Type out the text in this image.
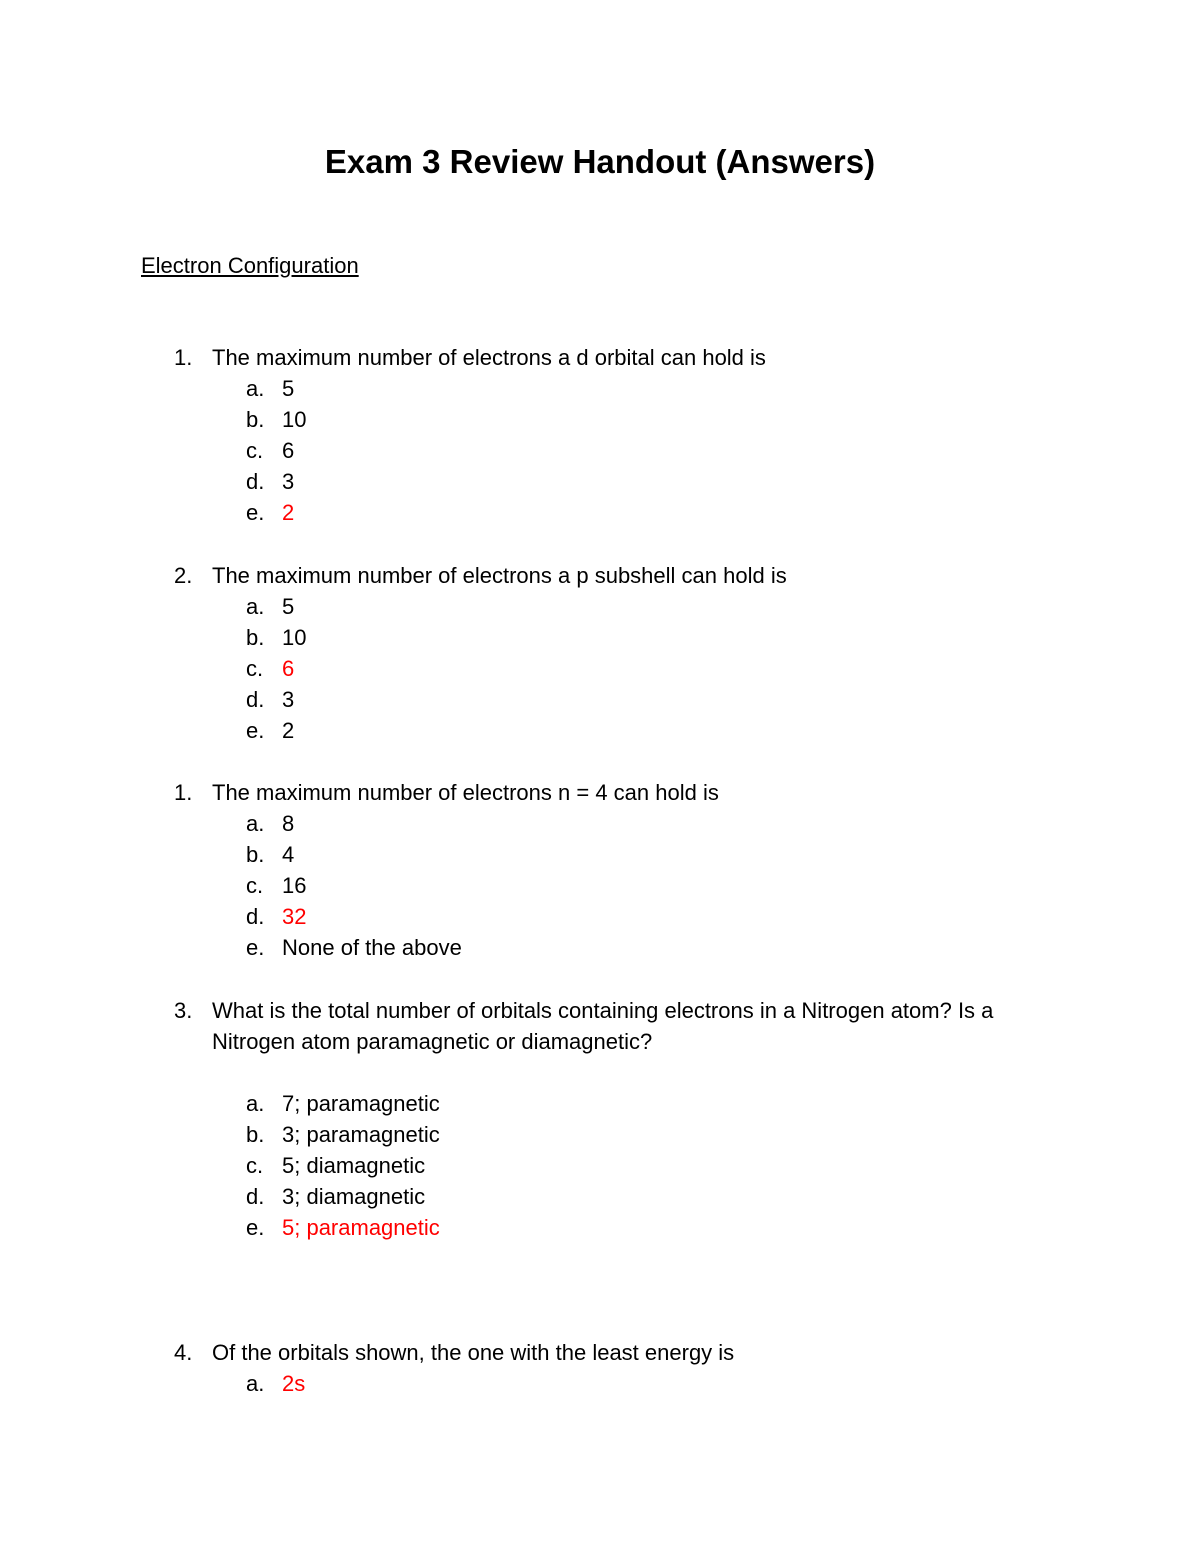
Exam 3 Review Handout (Answers)
Electron Configuration
1. The maximum number of electrons a d orbital can hold is
a. 5
b. 10
c. 6
d. 3
e. 2
2. The maximum number of electrons a p subshell can hold is
a. 5
b. 10
c. 6
d. 3
e. 2
1. The maximum number of electrons n = 4 can hold is
a. 8
b. 4
c. 16
d. 32
e. None of the above
3. What is the total number of orbitals containing electrons in a Nitrogen atom? Is a Nitrogen atom paramagnetic or diamagnetic?
a. 7; paramagnetic
b. 3; paramagnetic
c. 5; diamagnetic
d. 3; diamagnetic
e. 5; paramagnetic
4. Of the orbitals shown, the one with the least energy is
a. 2s
